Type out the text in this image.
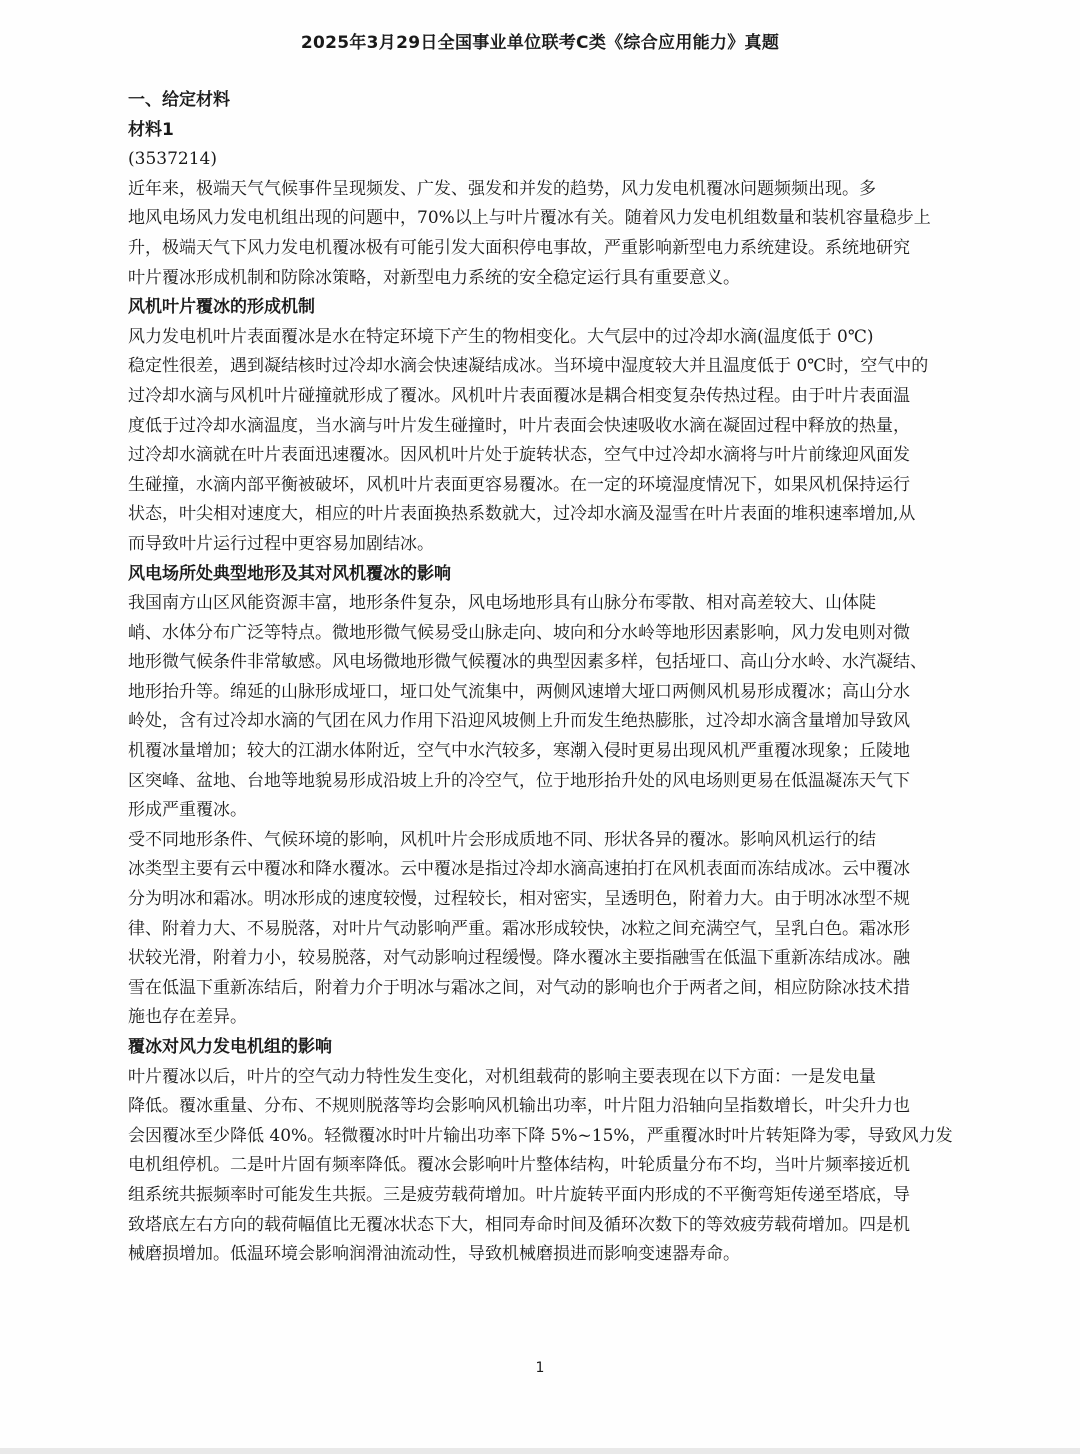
2025年3月29日全国事业单位联考C类《综合应用能力》真题
一、给定材料
材料1
(3537214)
近年来，极端天气气候事件呈现频发、广发、强发和并发的趋势，风力发电机覆冰问题频频出现。多
地风电场风力发电机组出现的问题中，70%以上与叶片覆冰有关。随着风力发电机组数量和装机容量稳步上
升，极端天气下风力发电机覆冰极有可能引发大面积停电事故，严重影响新型电力系统建设。系统地研究
叶片覆冰形成机制和防除冰策略，对新型电力系统的安全稳定运行具有重要意义。
风机叶片覆冰的形成机制
风力发电机叶片表面覆冰是水在特定环境下产生的物相变化。大气层中的过冷却水滴(温度低于 0℃)
稳定性很差，遇到凝结核时过冷却水滴会快速凝结成冰。当环境中湿度较大并且温度低于 0℃时，空气中的
过冷却水滴与风机叶片碰撞就形成了覆冰。风机叶片表面覆冰是耦合相变复杂传热过程。由于叶片表面温
度低于过冷却水滴温度，当水滴与叶片发生碰撞时，叶片表面会快速吸收水滴在凝固过程中释放的热量，
过冷却水滴就在叶片表面迅速覆冰。因风机叶片处于旋转状态，空气中过冷却水滴将与叶片前缘迎风面发
生碰撞，水滴内部平衡被破坏，风机叶片表面更容易覆冰。在一定的环境湿度情况下，如果风机保持运行
状态，叶尖相对速度大，相应的叶片表面换热系数就大，过冷却水滴及湿雪在叶片表面的堆积速率增加,从
而导致叶片运行过程中更容易加剧结冰。
风电场所处典型地形及其对风机覆冰的影响
我国南方山区风能资源丰富，地形条件复杂，风电场地形具有山脉分布零散、相对高差较大、山体陡
峭、水体分布广泛等特点。微地形微气候易受山脉走向、坡向和分水岭等地形因素影响，风力发电则对微
地形微气候条件非常敏感。风电场微地形微气候覆冰的典型因素多样，包括垭口、高山分水岭、水汽凝结、
地形抬升等。绵延的山脉形成垭口，垭口处气流集中，两侧风速增大垭口两侧风机易形成覆冰；高山分水
岭处，含有过冷却水滴的气团在风力作用下沿迎风坡侧上升而发生绝热膨胀，过冷却水滴含量增加导致风
机覆冰量增加；较大的江湖水体附近，空气中水汽较多，寒潮入侵时更易出现风机严重覆冰现象；丘陵地
区突峰、盆地、台地等地貌易形成沿坡上升的冷空气，位于地形抬升处的风电场则更易在低温凝冻天气下
形成严重覆冰。
受不同地形条件、气候环境的影响，风机叶片会形成质地不同、形状各异的覆冰。影响风机运行的结
冰类型主要有云中覆冰和降水覆冰。云中覆冰是指过冷却水滴高速拍打在风机表面而冻结成冰。云中覆冰
分为明冰和霜冰。明冰形成的速度较慢，过程较长，相对密实，呈透明色，附着力大。由于明冰冰型不规
律、附着力大、不易脱落，对叶片气动影响严重。霜冰形成较快，冰粒之间充满空气，呈乳白色。霜冰形
状较光滑，附着力小，较易脱落，对气动影响过程缓慢。降水覆冰主要指融雪在低温下重新冻结成冰。融
雪在低温下重新冻结后，附着力介于明冰与霜冰之间，对气动的影响也介于两者之间，相应防除冰技术措
施也存在差异。
覆冰对风力发电机组的影响
叶片覆冰以后，叶片的空气动力特性发生变化，对机组载荷的影响主要表现在以下方面：一是发电量
降低。覆冰重量、分布、不规则脱落等均会影响风机输出功率，叶片阻力沿轴向呈指数增长，叶尖升力也
会因覆冰至少降低 40%。轻微覆冰时叶片输出功率下降 5%~15%，严重覆冰时叶片转矩降为零，导致风力发
电机组停机。二是叶片固有频率降低。覆冰会影响叶片整体结构，叶轮质量分布不均，当叶片频率接近机
组系统共振频率时可能发生共振。三是疲劳载荷增加。叶片旋转平面内形成的不平衡弯矩传递至塔底，导
致塔底左右方向的载荷幅值比无覆冰状态下大，相同寿命时间及循环次数下的等效疲劳载荷增加。四是机
械磨损增加。低温环境会影响润滑油流动性，导致机械磨损进而影响变速器寿命。
1
